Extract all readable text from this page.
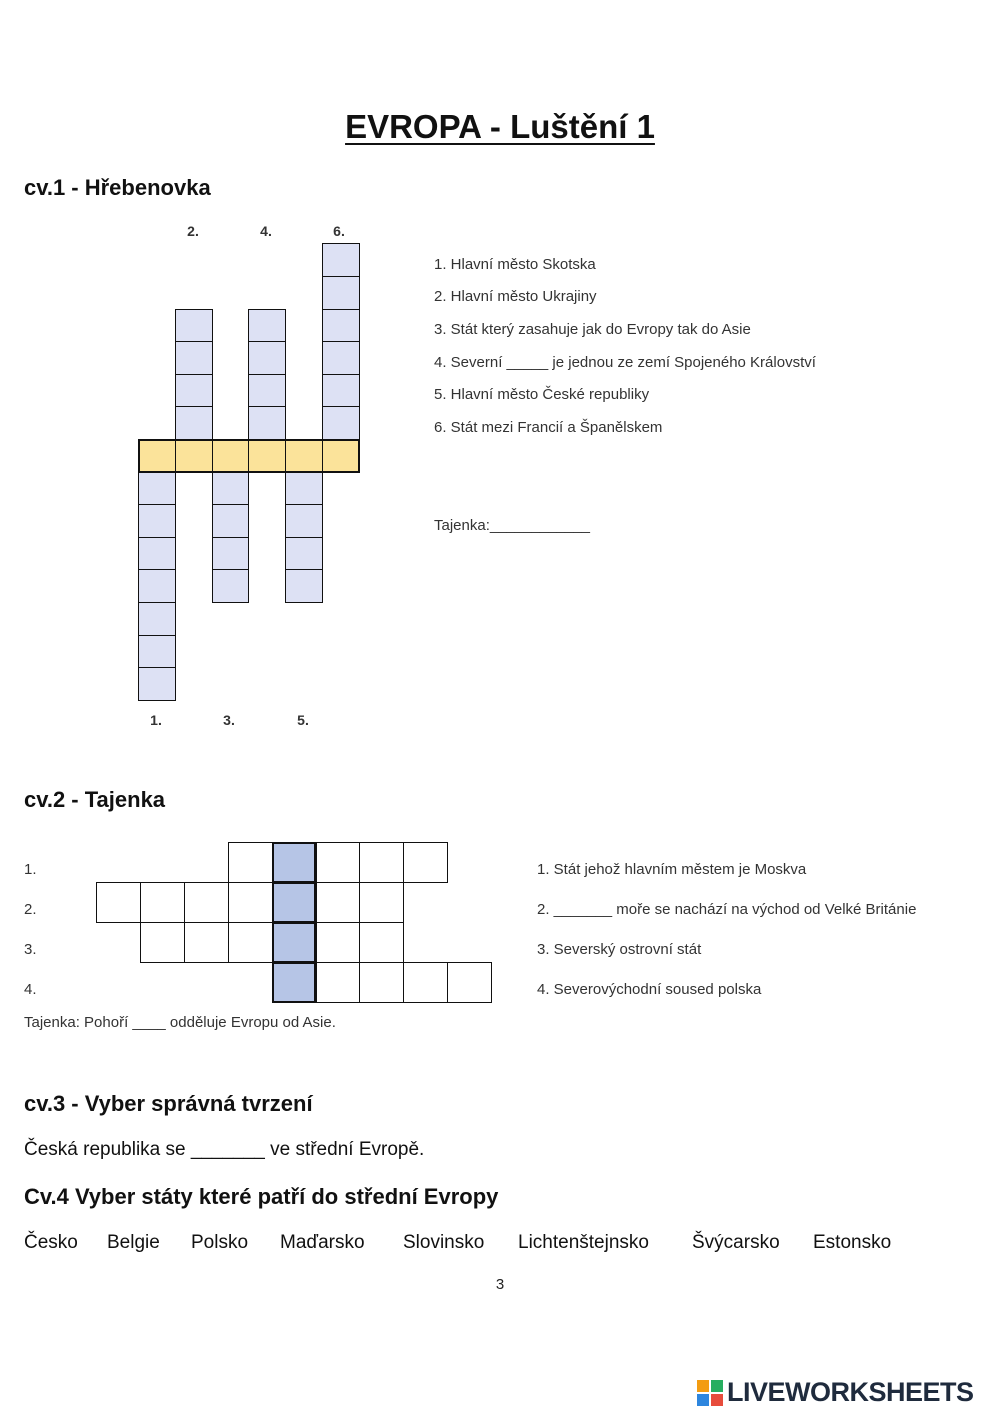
EVROPA - Luštění 1
cv.1 - Hřebenovka
2.	4.	6.
1.	3.	5.
1. Hlavní město Skotska
2. Hlavní město Ukrajiny
3. Stát který zasahuje jak do Evropy tak do Asie
4. Severní _____ je jednou ze zemí Spojeného Království
5. Hlavní město České republiky
6. Stát mezi Francií a Španělskem
Tajenka:____________
cv.2 - Tajenka
1.
2.
3.
4.
1. Stát jehož hlavním městem je Moskva
2. _______ moře se nachází na východ od Velké Británie
3. Severský ostrovní stát
4. Severovýchodní soused polska
Tajenka: Pohoří ____ odděluje Evropu od Asie.
cv.3 - Vyber správná tvrzení
Česká republika se _______ ve střední Evropě.
Cv.4 Vyber státy které patří do střední Evropy
Česko Belgie Polsko Maďarsko Slovinsko Lichtenštejnsko Švýcarsko Estonsko
3
LIVEWORKSHEETS
